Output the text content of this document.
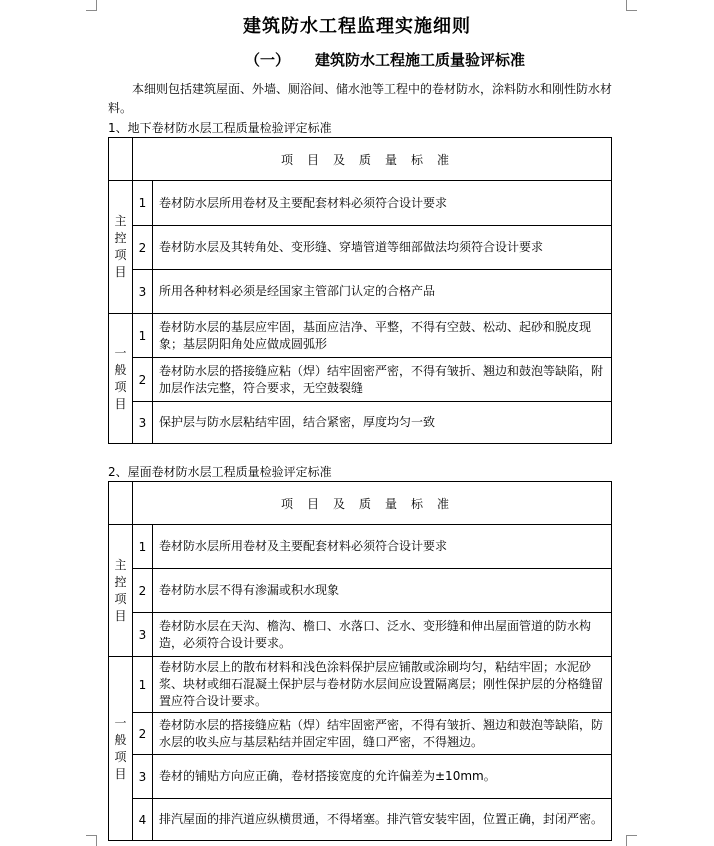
建筑防水工程监理实施细则
（一） 建筑防水工程施工质量验评标准
本细则包括建筑屋面、外墙、厕浴间、储水池等工程中的卷材防水，涂料防水和刚性防水材料。
1、地下卷材防水层工程质量检验评定标准
	项目及质量标准	
主控项目	1	卷材防水层所用卷材及主要配套材料必须符合设计要求
	2	卷材防水层及其转角处、变形缝、穿墙管道等细部做法均须符合设计要求
	3	所用各种材料必须是经国家主管部门认定的合格产品
一般项目	1	卷材防水层的基层应牢固，基面应洁净、平整，不得有空鼓、松动、起砂和脱皮现象；基层阴阳角处应做成圆弧形
	2	卷材防水层的搭接缝应粘（焊）结牢固密严密，不得有皱折、翘边和鼓泡等缺陷，附加层作法完整，符合要求，无空鼓裂缝
	3	保护层与防水层粘结牢固，结合紧密，厚度均匀一致
2、屋面卷材防水层工程质量检验评定标准
	项目及质量标准	
主控项目	1	卷材防水层所用卷材及主要配套材料必须符合设计要求
	2	卷材防水层不得有渗漏或积水现象
	3	卷材防水层在天沟、檐沟、檐口、水落口、泛水、变形缝和伸出屋面管道的防水构造，必须符合设计要求。
一般项目	1	卷材防水层上的散布材料和浅色涂料保护层应铺散或涂刷均匀，粘结牢固；水泥砂浆、块材或细石混凝土保护层与卷材防水层间应设置隔离层；刚性保护层的分格缝留置应符合设计要求。
	2	卷材防水层的搭接缝应粘（焊）结牢固密严密，不得有皱折、翘边和鼓泡等缺陷，防水层的收头应与基层粘结并固定牢固，缝口严密，不得翘边。
	3	卷材的铺贴方向应正确，卷材搭接宽度的允许偏差为±10mm。
	4	排汽屋面的排汽道应纵横贯通，不得堵塞。排汽管安装牢固，位置正确，封闭严密。
